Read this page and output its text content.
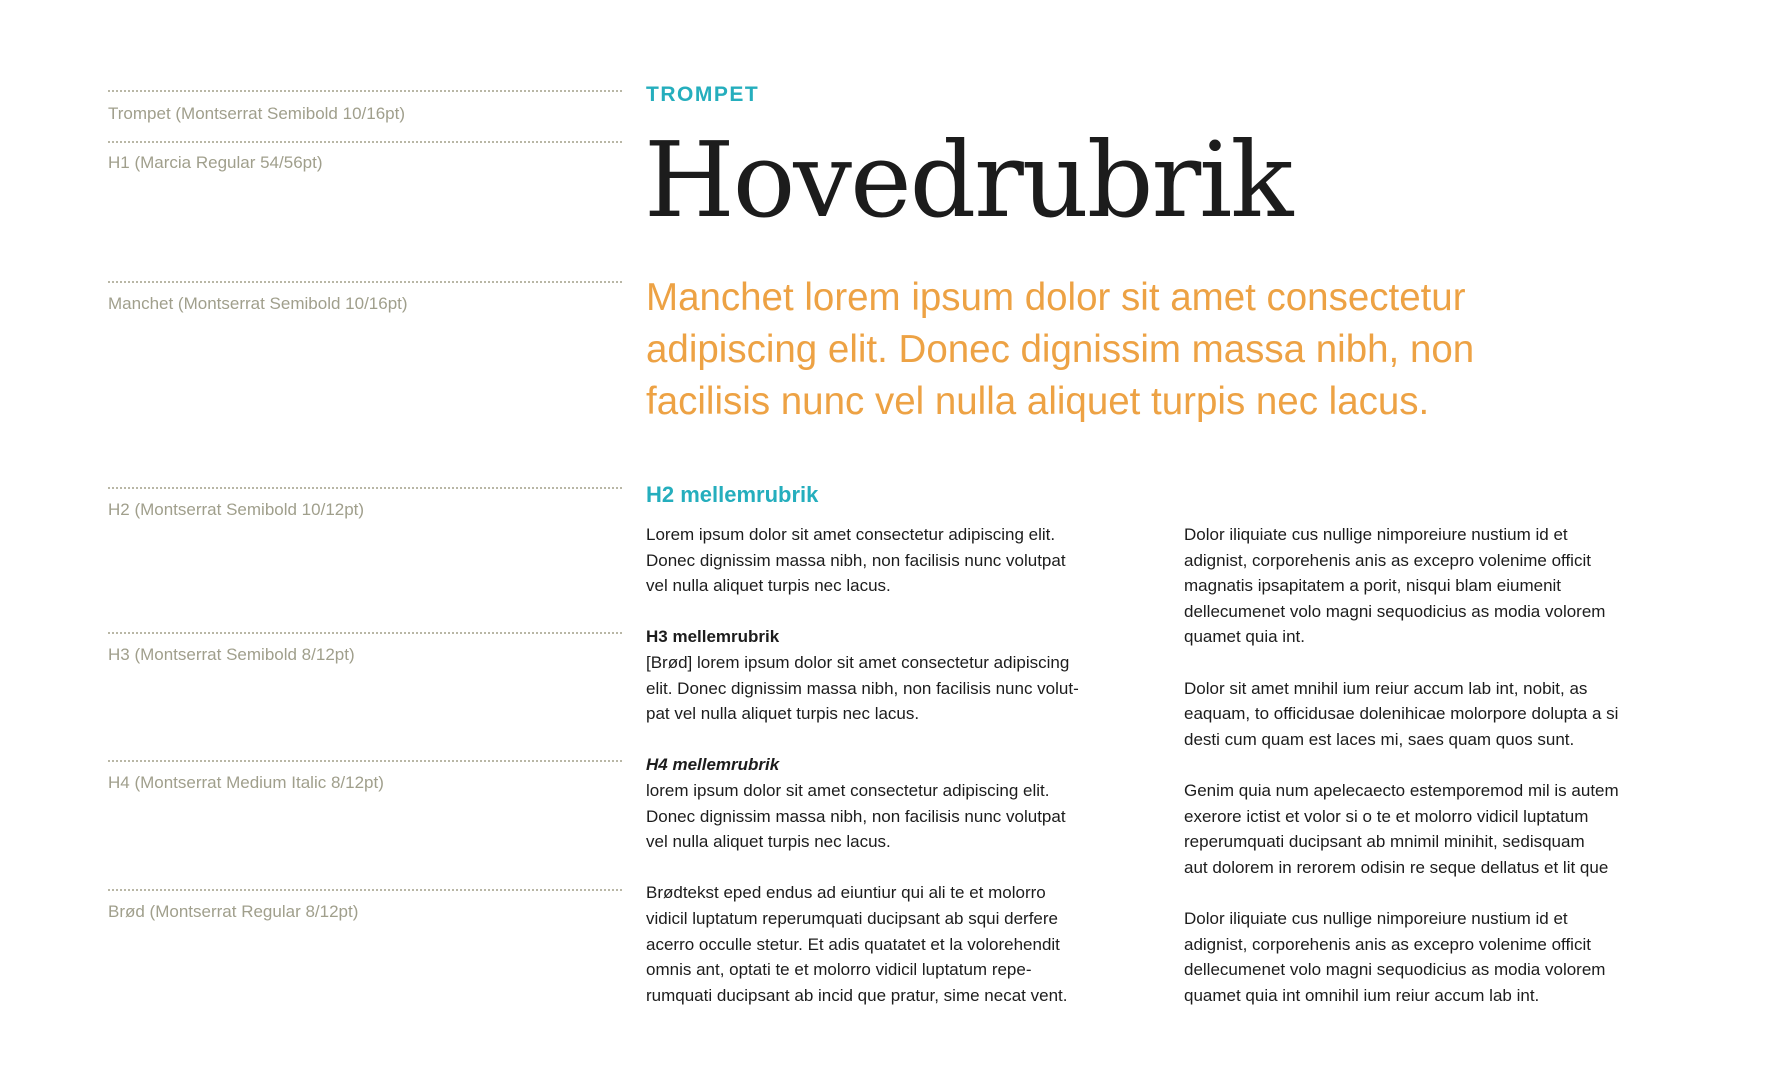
Trompet (Montserrat Semibold 10/16pt)
H1 (Marcia Regular 54/56pt)
Manchet (Montserrat Semibold 10/16pt)
H2 (Montserrat Semibold 10/12pt)
H3 (Montserrat Semibold 8/12pt)
H4 (Montserrat Medium Italic 8/12pt)
Brød (Montserrat Regular 8/12pt)
TROMPET
Hovedrubrik
Manchet lorem ipsum dolor sit amet consectetur
adipiscing elit. Donec dignissim massa nibh, non
facilisis nunc vel nulla aliquet turpis nec lacus.
H2 mellemrubrik

Lorem ipsum dolor sit amet consectetur adipiscing elit.
Donec dignissim massa nibh, non facilisis nunc volutpat
vel nulla aliquet turpis nec lacus.

H3 mellemrubrik
[Brød] lorem ipsum dolor sit amet consectetur adipiscing
elit. Donec dignissim massa nibh, non facilisis nunc volut-
pat vel nulla aliquet turpis nec lacus.

H4 mellemrubrik
lorem ipsum dolor sit amet consectetur adipiscing elit.
Donec dignissim massa nibh, non facilisis nunc volutpat
vel nulla aliquet turpis nec lacus.

Brødtekst eped endus ad eiuntiur qui ali te et molorro
vidicil luptatum reperumquati ducipsant ab squi derfere
acerro occulle stetur. Et adis quatatet et la volorehendit
omnis ant, optati te et molorro vidicil luptatum repe-
rumquati ducipsant ab incid que pratur, sime necat vent.

Dolor iliquiate cus nullige nimporeiure nustium id et
adignist, corporehenis anis as excepro volenime officit
magnatis ipsapitatem a porit, nisqui blam eiumenit
dellecumenet volo magni sequodicius as modia volorem
quamet quia int.

Dolor sit amet mnihil ium reiur accum lab int, nobit, as
eaquam, to officidusae dolenihicae molorpore dolupta a si
desti cum quam est laces mi, saes quam quos sunt.

Genim quia num apelecaecto estemporemod mil is autem
exerore ictist et volor si o te et molorro vidicil luptatum
reperumquati ducipsant ab mnimil minihit, sedisquam
aut dolorem in rerorem odisin re seque dellatus et lit que

Dolor iliquiate cus nullige nimporeiure nustium id et
adignist, corporehenis anis as excepro volenime officit
dellecumenet volo magni sequodicius as modia volorem
quamet quia int omnihil ium reiur accum lab int.
